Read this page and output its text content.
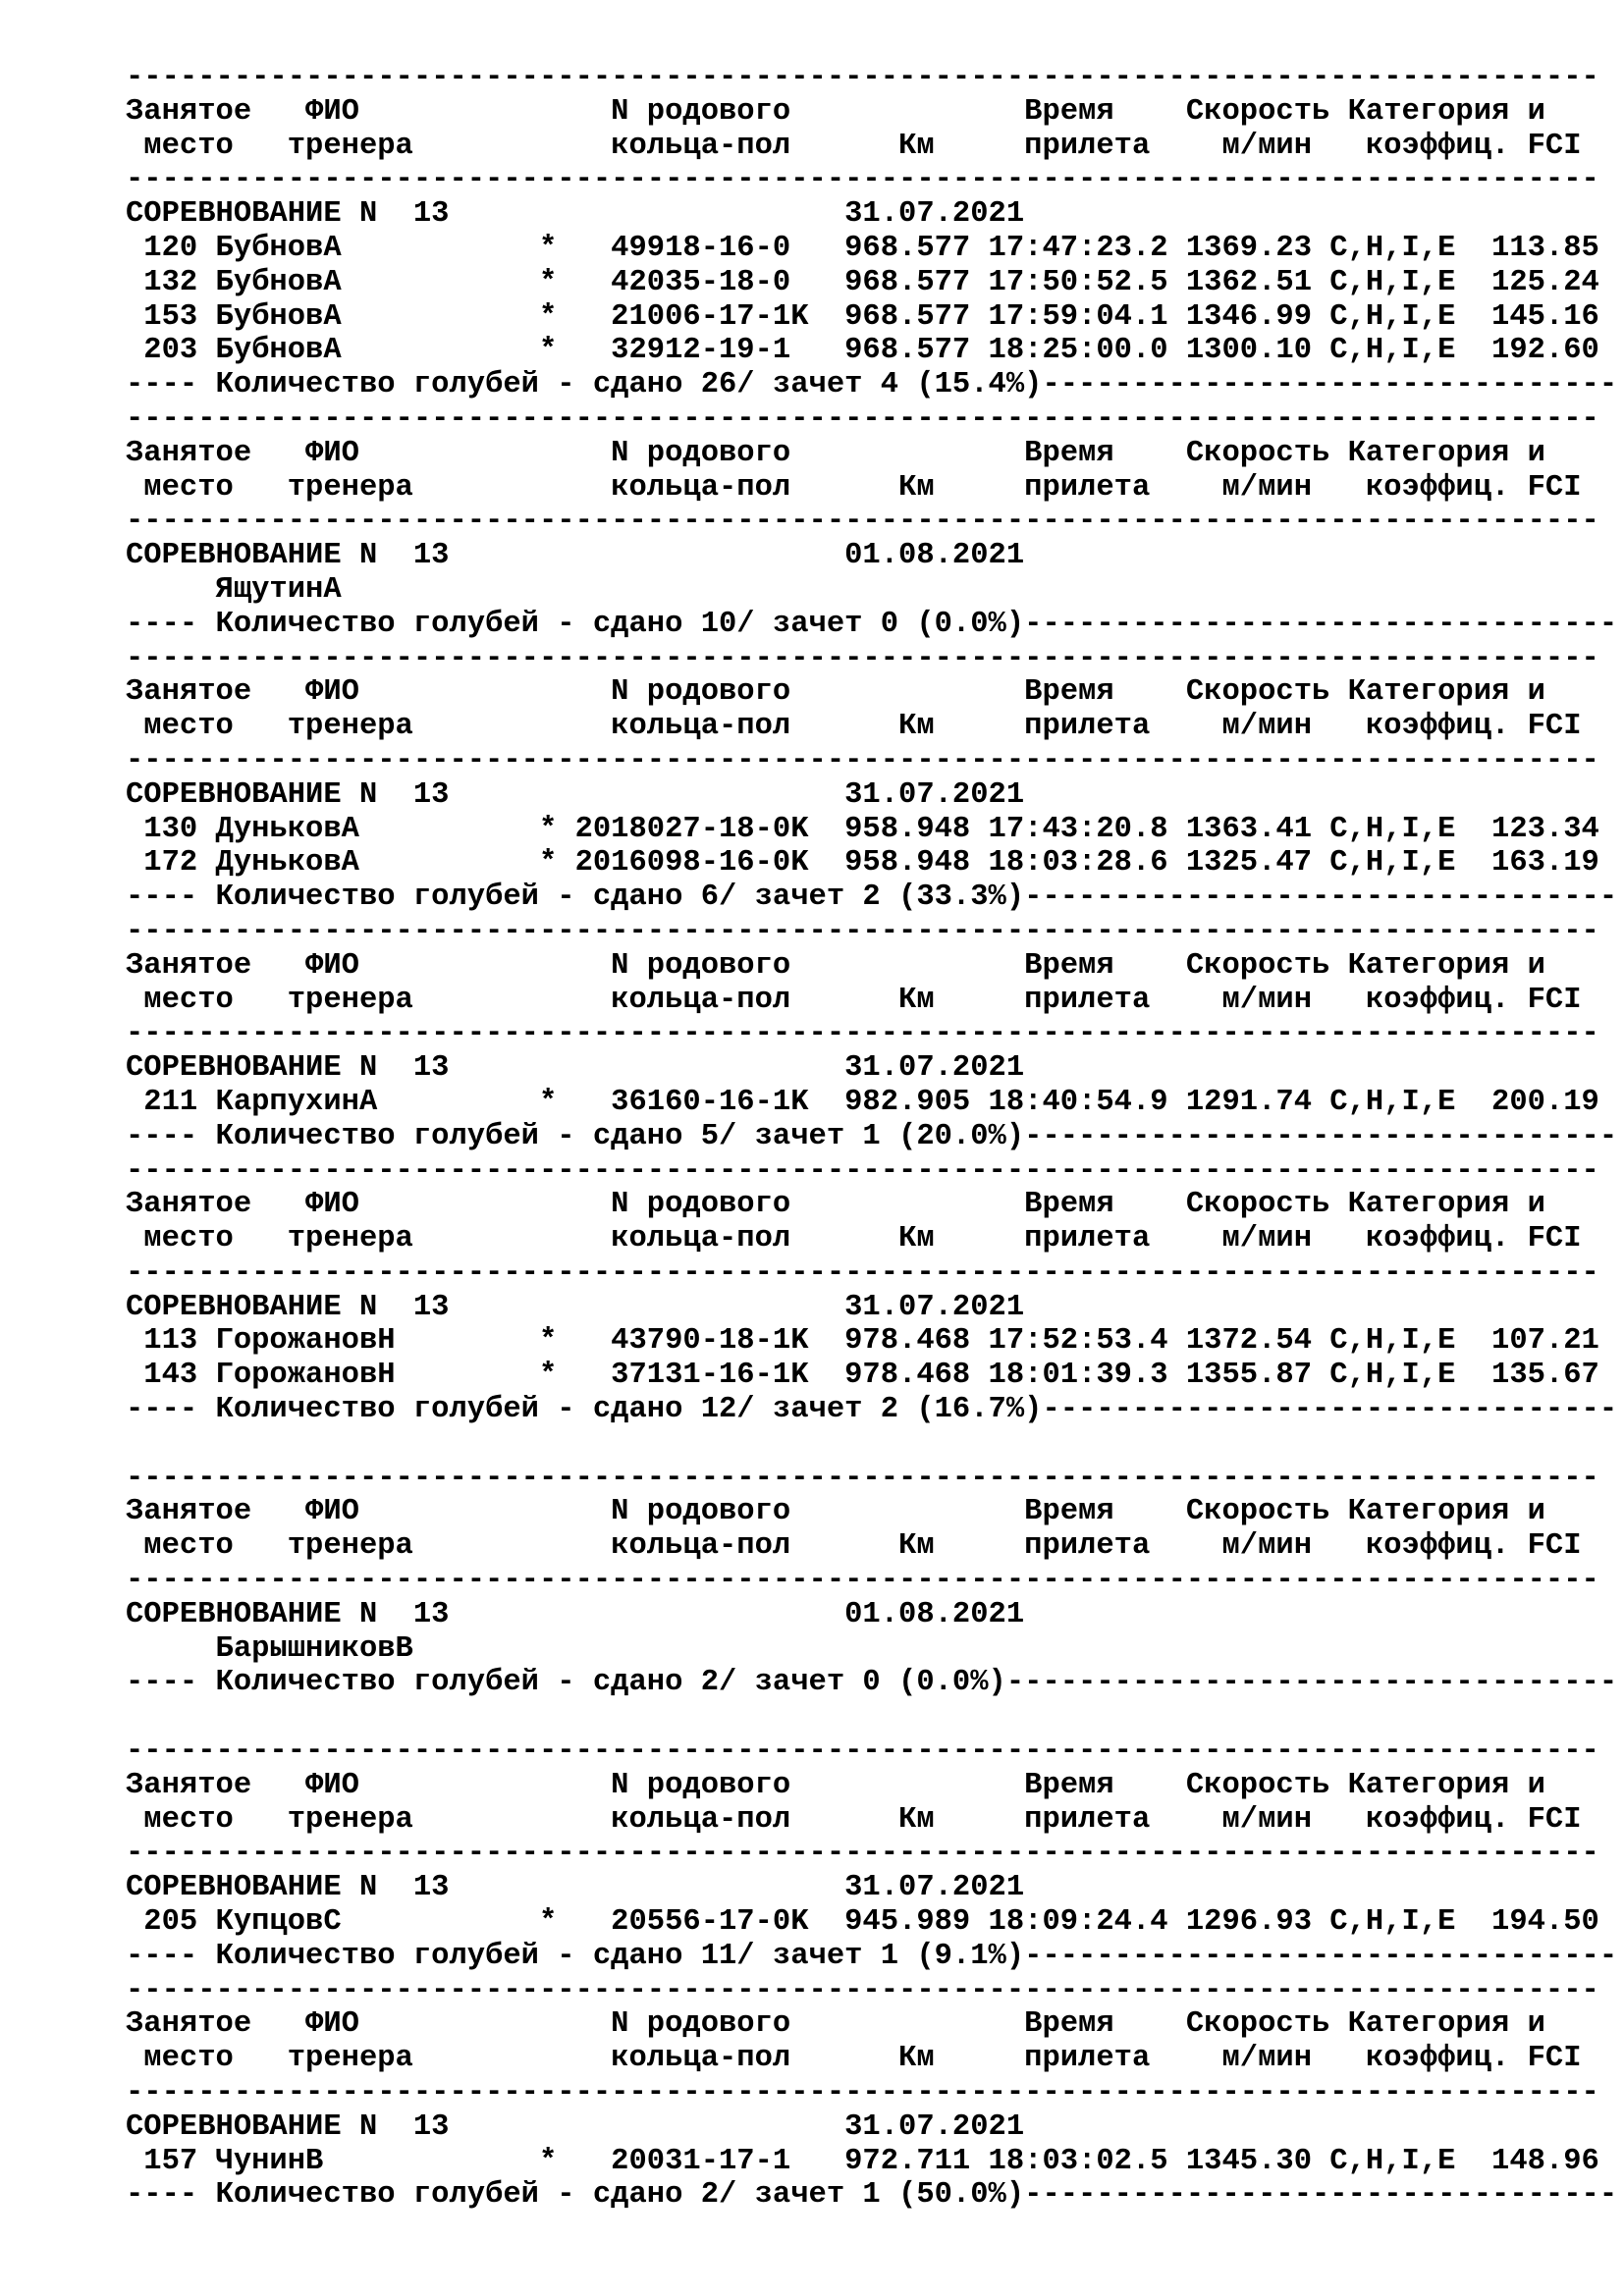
----------------------------------------------------------------------------------
Занятое   ФИО              N родового             Время    Скорость Категория и
место   тренера           кольца-пол      Км     прилета    м/мин   коэффиц. FCI
----------------------------------------------------------------------------------
СОРЕВНОВАНИЕ N  13                      31.07.2021
120 БубновА           *   49918-16-0   968.577 17:47:23.2 1369.23 C,H,I,E  113.85
132 БубновА           *   42035-18-0   968.577 17:50:52.5 1362.51 C,H,I,E  125.24
153 БубновА           *   21006-17-1K  968.577 17:59:04.1 1346.99 C,H,I,E  145.16
203 БубновА           *   32912-19-1   968.577 18:25:00.0 1300.10 C,H,I,E  192.60
---- Количество голубей - сдано 26/ зачет 4 (15.4%)--------------------------------
----------------------------------------------------------------------------------
Занятое   ФИО              N родового             Время    Скорость Категория и
место   тренера           кольца-пол      Км     прилета    м/мин   коэффиц. FCI
----------------------------------------------------------------------------------
СОРЕВНОВАНИЕ N  13                      01.08.2021
ЯщутинА
---- Количество голубей - сдано 10/ зачет 0 (0.0%)---------------------------------
----------------------------------------------------------------------------------
Занятое   ФИО              N родового             Время    Скорость Категория и
место   тренера           кольца-пол      Км     прилета    м/мин   коэффиц. FCI
----------------------------------------------------------------------------------
СОРЕВНОВАНИЕ N  13                      31.07.2021
130 ДуньковА          * 2018027-18-0K  958.948 17:43:20.8 1363.41 C,H,I,E  123.34
172 ДуньковА          * 2016098-16-0K  958.948 18:03:28.6 1325.47 C,H,I,E  163.19
---- Количество голубей - сдано 6/ зачет 2 (33.3%)---------------------------------
----------------------------------------------------------------------------------
Занятое   ФИО              N родового             Время    Скорость Категория и
место   тренера           кольца-пол      Км     прилета    м/мин   коэффиц. FCI
----------------------------------------------------------------------------------
СОРЕВНОВАНИЕ N  13                      31.07.2021
211 КарпухинА         *   36160-16-1K  982.905 18:40:54.9 1291.74 C,H,I,E  200.19
---- Количество голубей - сдано 5/ зачет 1 (20.0%)---------------------------------
----------------------------------------------------------------------------------
Занятое   ФИО              N родового             Время    Скорость Категория и
место   тренера           кольца-пол      Км     прилета    м/мин   коэффиц. FCI
----------------------------------------------------------------------------------
СОРЕВНОВАНИЕ N  13                      31.07.2021
113 ГорожановН        *   43790-18-1K  978.468 17:52:53.4 1372.54 C,H,I,E  107.21
143 ГорожановН        *   37131-16-1K  978.468 18:01:39.3 1355.87 C,H,I,E  135.67
---- Количество голубей - сдано 12/ зачет 2 (16.7%)--------------------------------
----------------------------------------------------------------------------------
Занятое   ФИО              N родового             Время    Скорость Категория и
место   тренера           кольца-пол      Км     прилета    м/мин   коэффиц. FCI
----------------------------------------------------------------------------------
СОРЕВНОВАНИЕ N  13                      01.08.2021
БарышниковВ
---- Количество голубей - сдано 2/ зачет 0 (0.0%)----------------------------------
----------------------------------------------------------------------------------
Занятое   ФИО              N родового             Время    Скорость Категория и
место   тренера           кольца-пол      Км     прилета    м/мин   коэффиц. FCI
----------------------------------------------------------------------------------
СОРЕВНОВАНИЕ N  13                      31.07.2021
205 КупцовС           *   20556-17-0K  945.989 18:09:24.4 1296.93 C,H,I,E  194.50
---- Количество голубей - сдано 11/ зачет 1 (9.1%)---------------------------------
----------------------------------------------------------------------------------
Занятое   ФИО              N родового             Время    Скорость Категория и
место   тренера           кольца-пол      Км     прилета    м/мин   коэффиц. FCI
----------------------------------------------------------------------------------
СОРЕВНОВАНИЕ N  13                      31.07.2021
157 ЧунинВ            *   20031-17-1   972.711 18:03:02.5 1345.30 C,H,I,E  148.96
---- Количество голубей - сдано 2/ зачет 1 (50.0%)---------------------------------
